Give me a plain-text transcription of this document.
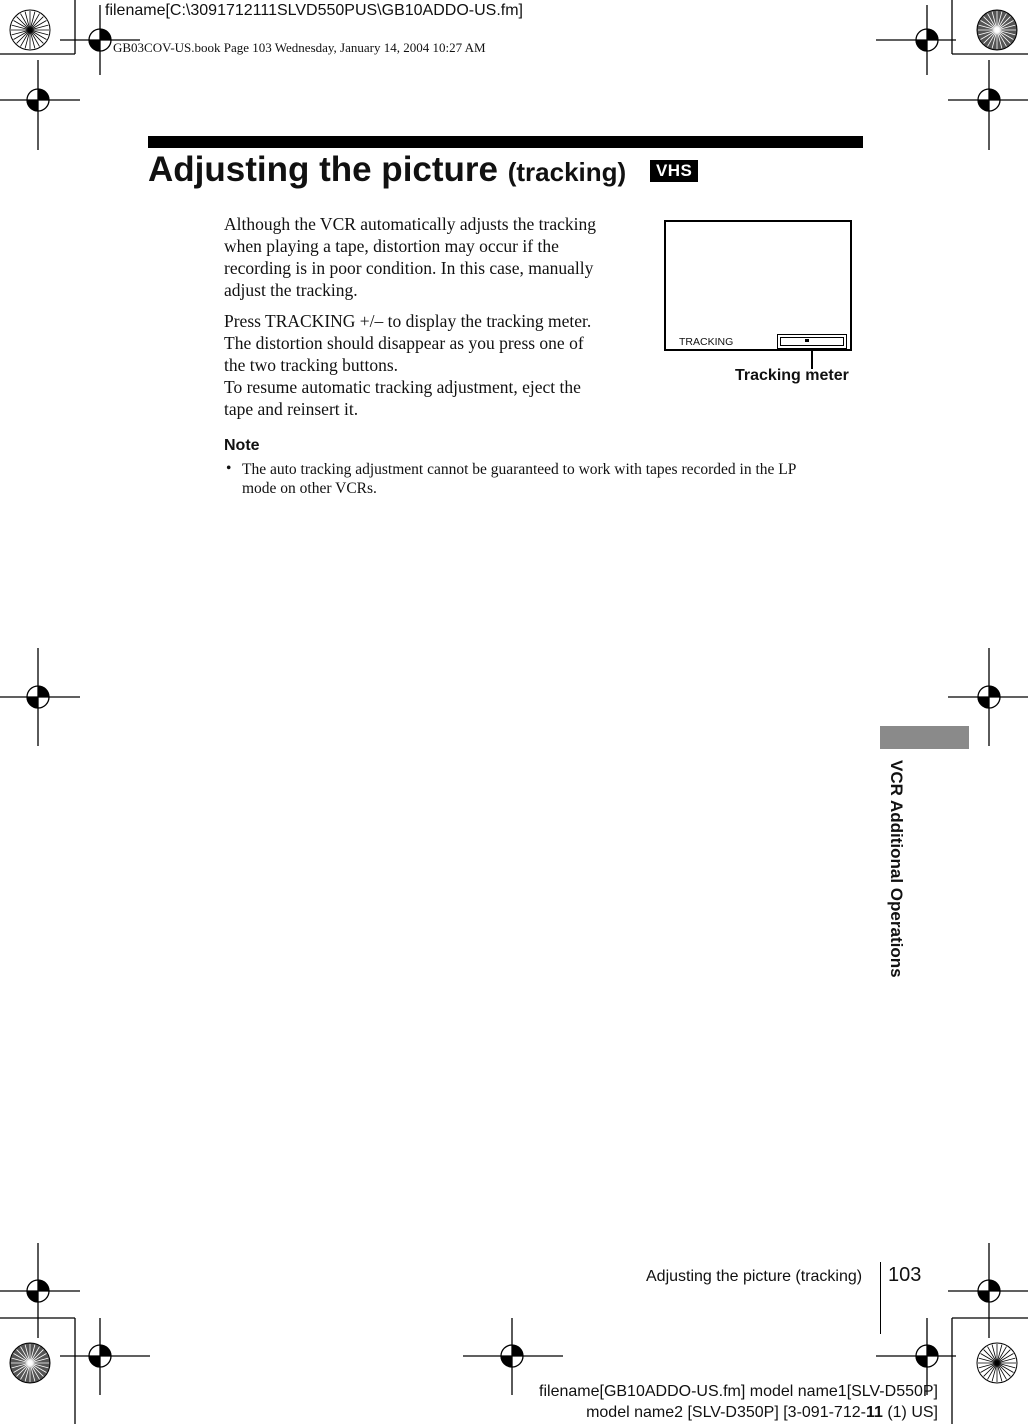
filename[C:\3091712111SLVD550PUS\GB10ADDO-US.fm]
GB03COV-US.book Page 103 Wednesday, January 14, 2004 10:27 AM
Adjusting the picture (tracking) VHS
Although the VCR automatically adjusts the tracking
when playing a tape, distortion may occur if the
recording is in poor condition. In this case, manually
adjust the tracking.
Press TRACKING +/– to display the tracking meter.
The distortion should disappear as you press one of
the two tracking buttons.
To resume automatic tracking adjustment, eject the
tape and reinsert it.
TRACKING
Tracking meter
Note
• The auto tracking adjustment cannot be guaranteed to work with tapes recorded in the LP
mode on other VCRs.
VCR Additional Operations
Adjusting the picture (tracking) 103
filename[GB10ADDO-US.fm] model name1[SLV-D550P]
model name2 [SLV-D350P] [3-091-712-11 (1) US]
